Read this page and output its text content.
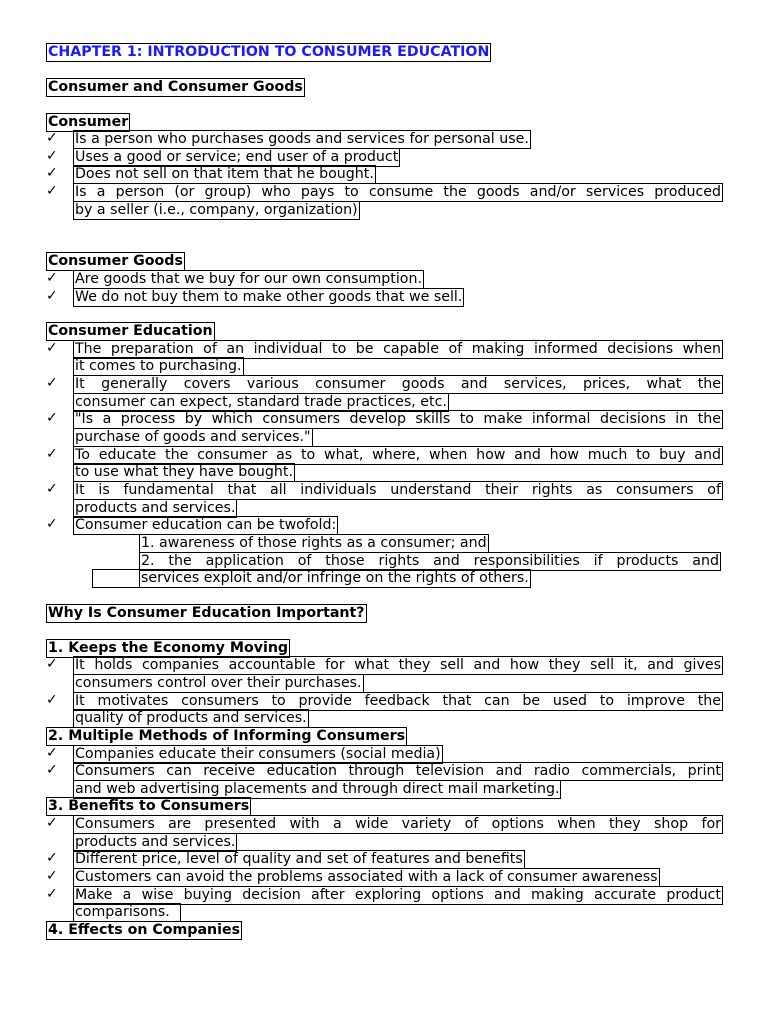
CHAPTER 1: INTRODUCTION TO CONSUMER EDUCATION
Consumer and Consumer Goods
Consumer
✓ Is a person who purchases goods and services for personal use.
✓ Uses a good or service; end user of a product
✓ Does not sell on that item that he bought.
✓ Is a person (or group) who pays to consume the goods and/or services produced
by a seller (i.e., company, organization)
Consumer Goods
✓ Are goods that we buy for our own consumption.
✓ We do not buy them to make other goods that we sell.
Consumer Education
✓ The preparation of an individual to be capable of making informed decisions when
it comes to purchasing.
✓ It generally covers various consumer goods and services, prices, what the
consumer can expect, standard trade practices, etc.
✓ "Is a process by which consumers develop skills to make informal decisions in the
purchase of goods and services."
✓ To educate the consumer as to what, where, when how and how much to buy and
to use what they have bought.
✓ It is fundamental that all individuals understand their rights as consumers of
products and services.
✓ Consumer education can be twofold:
1. awareness of those rights as a consumer; and
2. the application of those rights and responsibilities if products and
services exploit and/or infringe on the rights of others.
Why Is Consumer Education Important?
1. Keeps the Economy Moving
✓ It holds companies accountable for what they sell and how they sell it, and gives
consumers control over their purchases.
✓ It motivates consumers to provide feedback that can be used to improve the
quality of products and services.
2. Multiple Methods of Informing Consumers
✓ Companies educate their consumers (social media)
✓ Consumers can receive education through television and radio commercials, print
and web advertising placements and through direct mail marketing.
3. Benefits to Consumers
✓ Consumers are presented with a wide variety of options when they shop for
products and services.
✓ Different price, level of quality and set of features and benefits
✓ Customers can avoid the problems associated with a lack of consumer awareness
✓ Make a wise buying decision after exploring options and making accurate product
comparisons.
4. Effects on Companies
